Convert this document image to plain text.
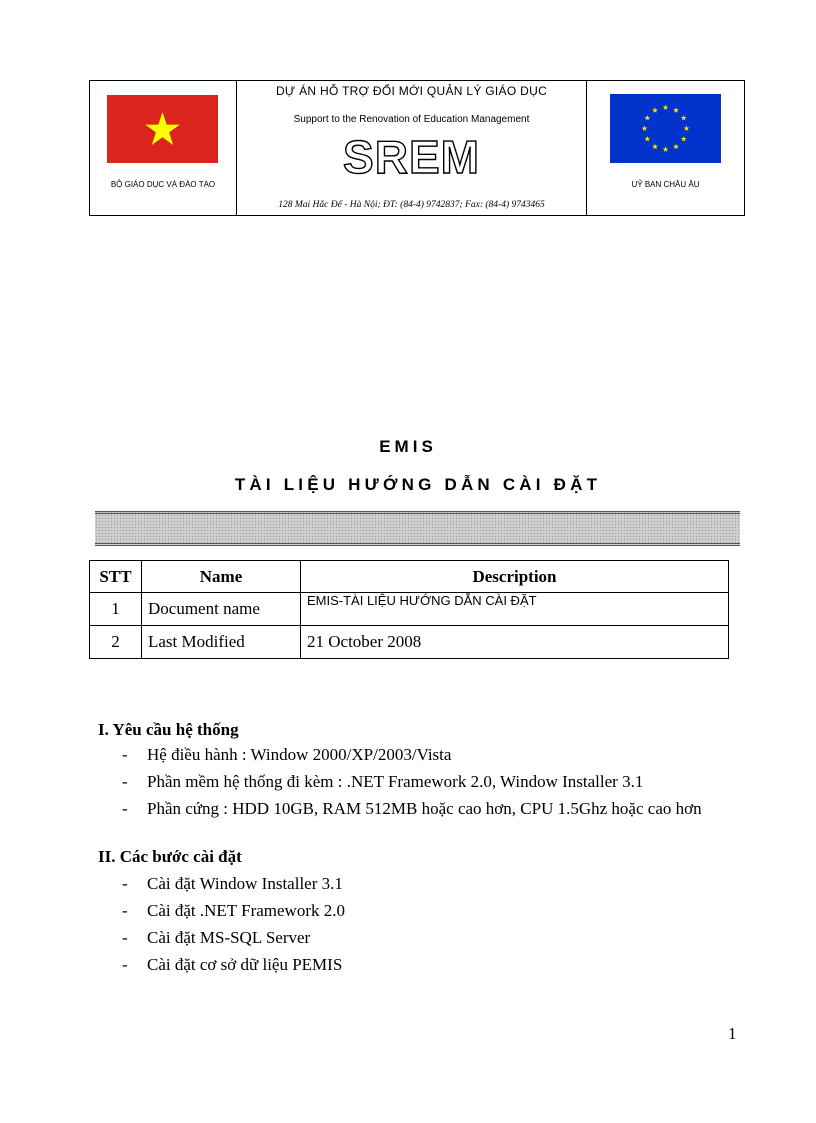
BỘ GIÁO DỤC VÀ ĐÀO TẠO
DỰ ÁN HỖ TRỢ ĐỔI MỚI QUẢN LÝ GIÁO DỤC
Support to the Renovation of Education Management
SREM
128 Mai Hắc Đế - Hà Nội; ĐT: (84-4) 9742837; Fax: (84-4) 9743465
UỶ BAN CHÂU ÂU
EMIS
TÀI LIỆU HƯỚNG DẪN CÀI ĐẶT
STT	Name	Description
1	Document name	EMIS-TÀI LIỆU HƯỚNG DẪN CÀI ĐẶT
2	Last Modified	21 October 2008
I. Yêu cầu hệ thống
- Hệ điều hành : Window 2000/XP/2003/Vista
- Phần mềm hệ thống đi kèm : .NET Framework 2.0, Window Installer 3.1
- Phần cứng : HDD 10GB, RAM 512MB hoặc cao hơn, CPU 1.5Ghz hoặc cao hơn
II. Các bước cài đặt
- Cài đặt Window Installer 3.1
- Cài đặt .NET Framework 2.0
- Cài đặt MS-SQL Server
- Cài đặt cơ sở dữ liệu PEMIS
1
